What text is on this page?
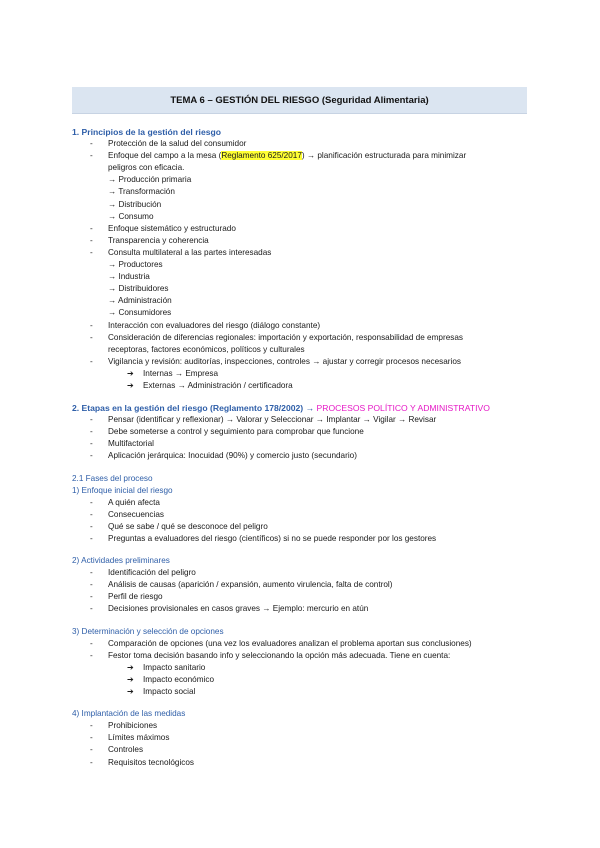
TEMA 6 – GESTIÓN DEL RIESGO (Seguridad Alimentaria)
1. Principios de la gestión del riesgo
- Protección de la salud del consumidor
- Enfoque del campo a la mesa (Reglamento 625/2017) → planificación estructurada para minimizar
peligros con eficacia.
→ Producción primaria
→ Transformación
→ Distribución
→ Consumo
- Enfoque sistemático y estructurado
- Transparencia y coherencia
- Consulta multilateral a las partes interesadas
→ Productores
→ Industria
→ Distribuidores
→ Administración
→ Consumidores
- Interacción con evaluadores del riesgo (diálogo constante)
- Consideración de diferencias regionales: importación y exportación, responsabilidad de empresas
receptoras, factores económicos, políticos y culturales
- Vigilancia y revisión: auditorías, inspecciones, controles → ajustar y corregir procesos necesarios
➔ Internas → Empresa
➔ Externas → Administración / certificadora
2. Etapas en la gestión del riesgo (Reglamento 178/2002) → PROCESOS POLÍTICO Y ADMINISTRATIVO
- Pensar (identificar y reflexionar) → Valorar y Seleccionar → Implantar → Vigilar → Revisar
- Debe someterse a control y seguimiento para comprobar que funcione
- Multifactorial
- Aplicación jerárquica: Inocuidad (90%) y comercio justo (secundario)
2.1 Fases del proceso
1) Enfoque inicial del riesgo
- A quién afecta
- Consecuencias
- Qué se sabe / qué se desconoce del peligro
- Preguntas a evaluadores del riesgo (científicos) si no se puede responder por los gestores
2) Actividades preliminares
- Identificación del peligro
- Análisis de causas (aparición / expansión, aumento virulencia, falta de control)
- Perfil de riesgo
- Decisiones provisionales en casos graves → Ejemplo: mercurio en atún
3) Determinación y selección de opciones
- Comparación de opciones (una vez los evaluadores analizan el problema aportan sus conclusiones)
- Festor toma decisión basando info y seleccionando la opción más adecuada. Tiene en cuenta:
➔ Impacto sanitario
➔ Impacto económico
➔ Impacto social
4) Implantación de las medidas
- Prohibiciones
- Límites máximos
- Controles
- Requisitos tecnológicos
